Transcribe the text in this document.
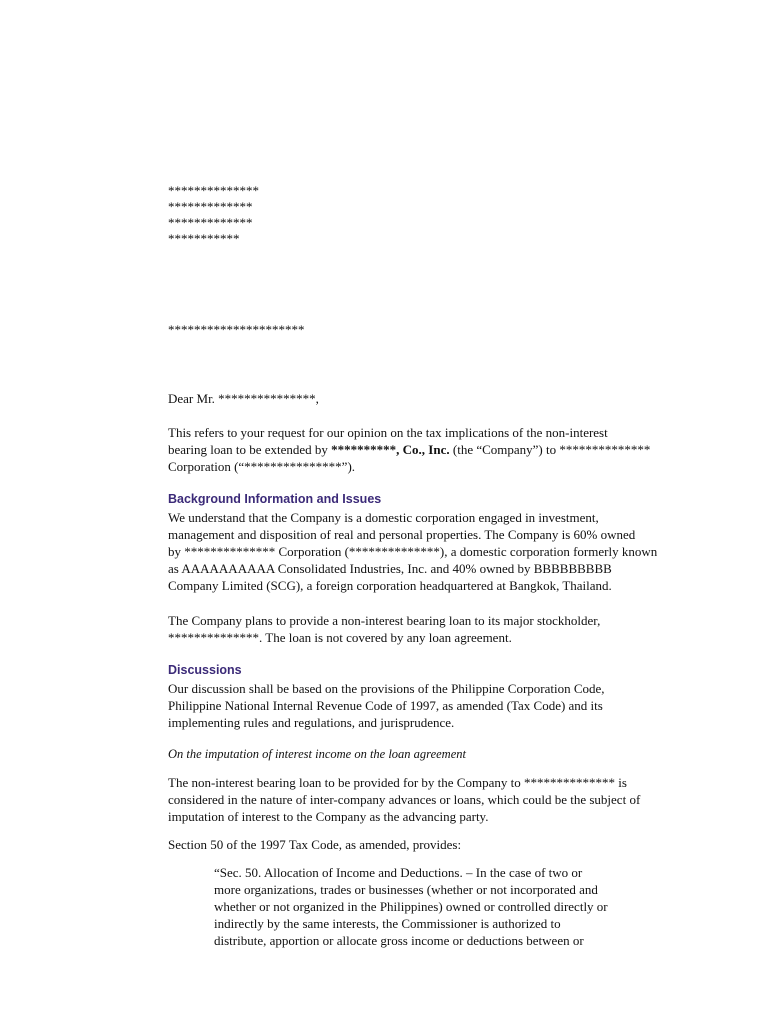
**************
*************
*************
***********
*********************
Dear Mr. ***************,
This refers to your request for our opinion on the tax implications of the non-interest
bearing loan to be extended by **********, Co., Inc. (the “Company”) to **************
Corporation (“***************”).
Background Information and Issues
We understand that the Company is a domestic corporation engaged in investment,
management and disposition of real and personal properties. The Company is 60% owned
by ************** Corporation (**************), a domestic corporation formerly known
as AAAAAAAAAA Consolidated Industries, Inc. and 40% owned by BBBBBBBBB
Company Limited (SCG), a foreign corporation headquartered at Bangkok, Thailand.
The Company plans to provide a non-interest bearing loan to its major stockholder,
**************. The loan is not covered by any loan agreement.
Discussions
Our discussion shall be based on the provisions of the Philippine Corporation Code,
Philippine National Internal Revenue Code of 1997, as amended (Tax Code) and its
implementing rules and regulations, and jurisprudence.
On the imputation of interest income on the loan agreement
The non-interest bearing loan to be provided for by the Company to ************** is
considered in the nature of inter-company advances or loans, which could be the subject of
imputation of interest to the Company as the advancing party.
Section 50 of the 1997 Tax Code, as amended, provides:
“Sec. 50. Allocation of Income and Deductions. – In the case of two or
more organizations, trades or businesses (whether or not incorporated and
whether or not organized in the Philippines) owned or controlled directly or
indirectly by the same interests, the Commissioner is authorized to
distribute, apportion or allocate gross income or deductions between or
